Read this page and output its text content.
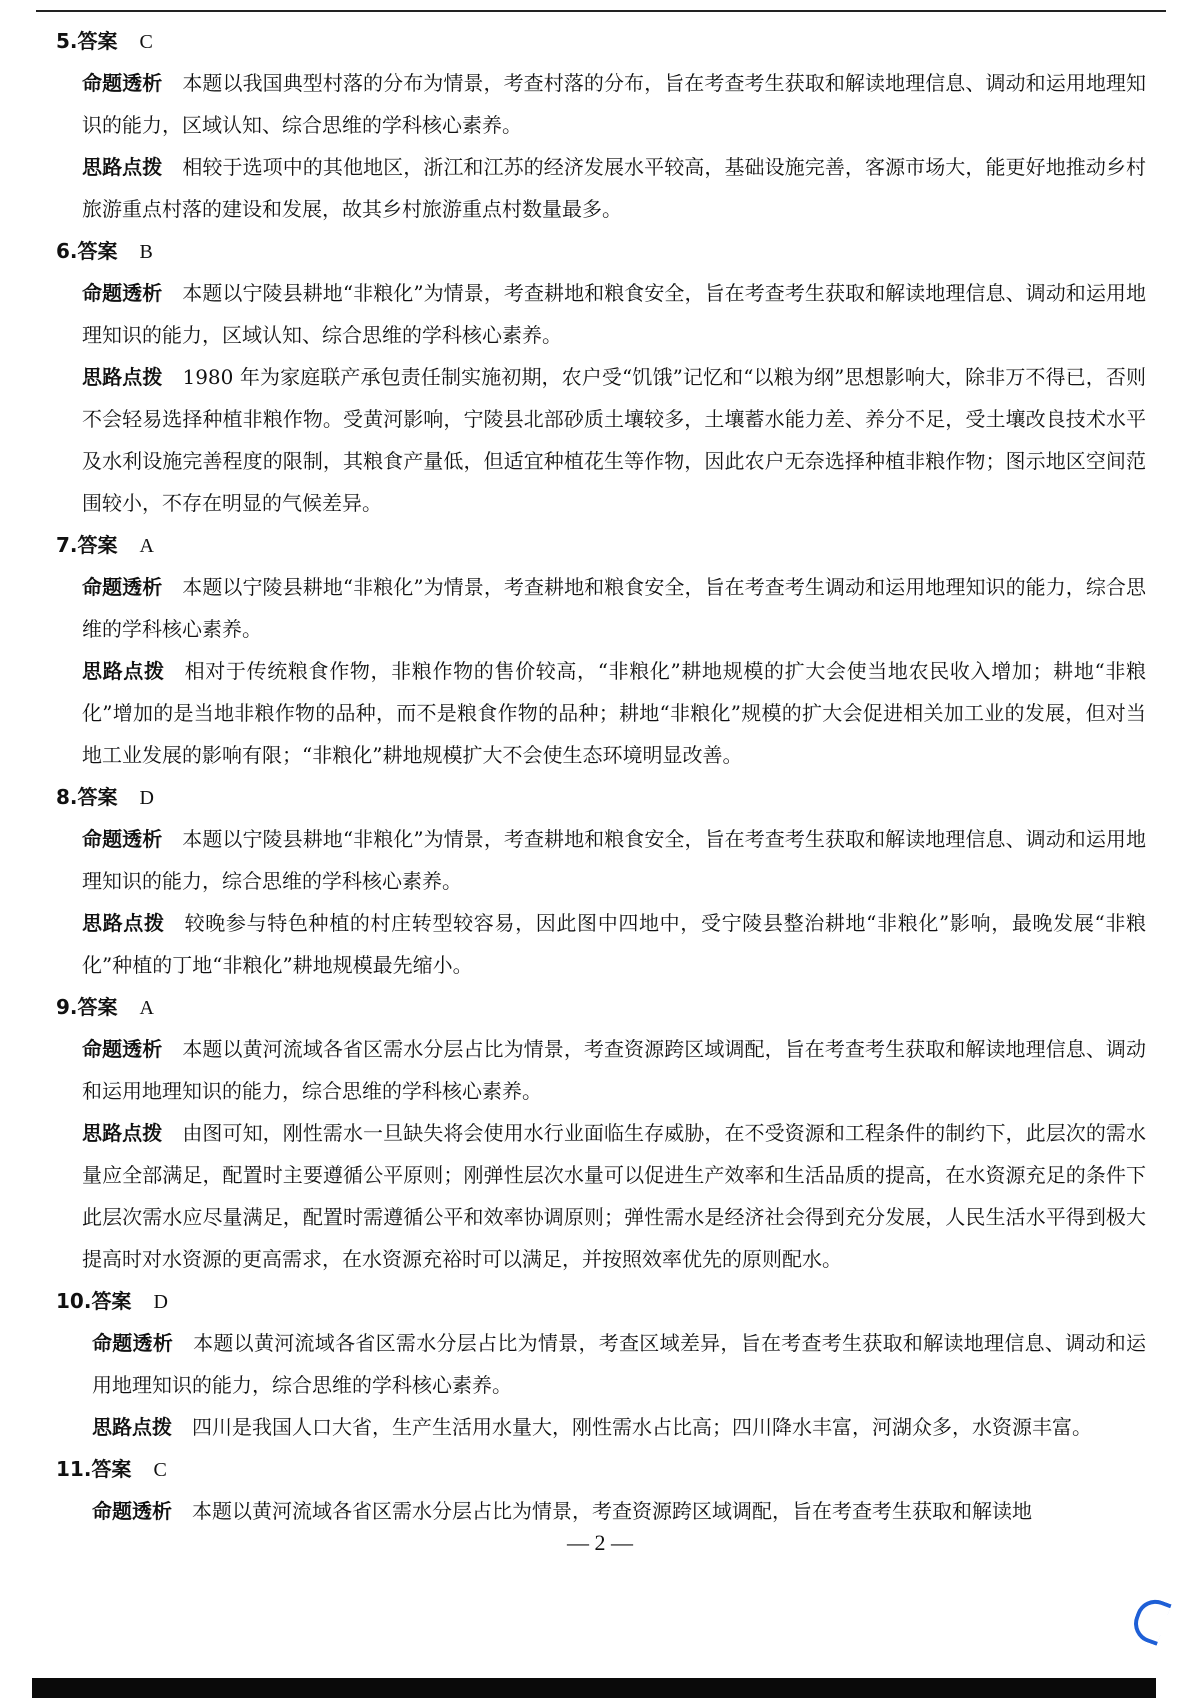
5.答案 C
命题透析 本题以我国典型村落的分布为情景，考查村落的分布，旨在考查考生获取和解读地理信息、调动和运用地理知识的能力，区域认知、综合思维的学科核心素养。
思路点拨 相较于选项中的其他地区，浙江和江苏的经济发展水平较高，基础设施完善，客源市场大，能更好地推动乡村旅游重点村落的建设和发展，故其乡村旅游重点村数量最多。
6.答案 B
命题透析 本题以宁陵县耕地“非粮化”为情景，考查耕地和粮食安全，旨在考查考生获取和解读地理信息、调动和运用地理知识的能力，区域认知、综合思维的学科核心素养。
思路点拨 1980 年为家庭联产承包责任制实施初期，农户受“饥饿”记忆和“以粮为纲”思想影响大，除非万不得已，否则不会轻易选择种植非粮作物。受黄河影响，宁陵县北部砂质土壤较多，土壤蓄水能力差、养分不足，受土壤改良技术水平及水利设施完善程度的限制，其粮食产量低，但适宜种植花生等作物，因此农户无奈选择种植非粮作物；图示地区空间范围较小，不存在明显的气候差异。
7.答案 A
命题透析 本题以宁陵县耕地“非粮化”为情景，考查耕地和粮食安全，旨在考查考生调动和运用地理知识的能力，综合思维的学科核心素养。
思路点拨 相对于传统粮食作物，非粮作物的售价较高，“非粮化”耕地规模的扩大会使当地农民收入增加；耕地“非粮化”增加的是当地非粮作物的品种，而不是粮食作物的品种；耕地“非粮化”规模的扩大会促进相关加工业的发展，但对当地工业发展的影响有限；“非粮化”耕地规模扩大不会使生态环境明显改善。
8.答案 D
命题透析 本题以宁陵县耕地“非粮化”为情景，考查耕地和粮食安全，旨在考查考生获取和解读地理信息、调动和运用地理知识的能力，综合思维的学科核心素养。
思路点拨 较晚参与特色种植的村庄转型较容易，因此图中四地中，受宁陵县整治耕地“非粮化”影响，最晚发展“非粮化”种植的丁地“非粮化”耕地规模最先缩小。
9.答案 A
命题透析 本题以黄河流域各省区需水分层占比为情景，考查资源跨区域调配，旨在考查考生获取和解读地理信息、调动和运用地理知识的能力，综合思维的学科核心素养。
思路点拨 由图可知，刚性需水一旦缺失将会使用水行业面临生存威胁，在不受资源和工程条件的制约下，此层次的需水量应全部满足，配置时主要遵循公平原则；刚弹性层次水量可以促进生产效率和生活品质的提高，在水资源充足的条件下此层次需水应尽量满足，配置时需遵循公平和效率协调原则；弹性需水是经济社会得到充分发展，人民生活水平得到极大提高时对水资源的更高需求，在水资源充裕时可以满足，并按照效率优先的原则配水。
10.答案 D
命题透析 本题以黄河流域各省区需水分层占比为情景，考查区域差异，旨在考查考生获取和解读地理信息、调动和运用地理知识的能力，综合思维的学科核心素养。
思路点拨 四川是我国人口大省，生产生活用水量大，刚性需水占比高；四川降水丰富，河湖众多，水资源丰富。
11.答案 C
命题透析 本题以黄河流域各省区需水分层占比为情景，考查资源跨区域调配，旨在考查考生获取和解读地
— 2 —
